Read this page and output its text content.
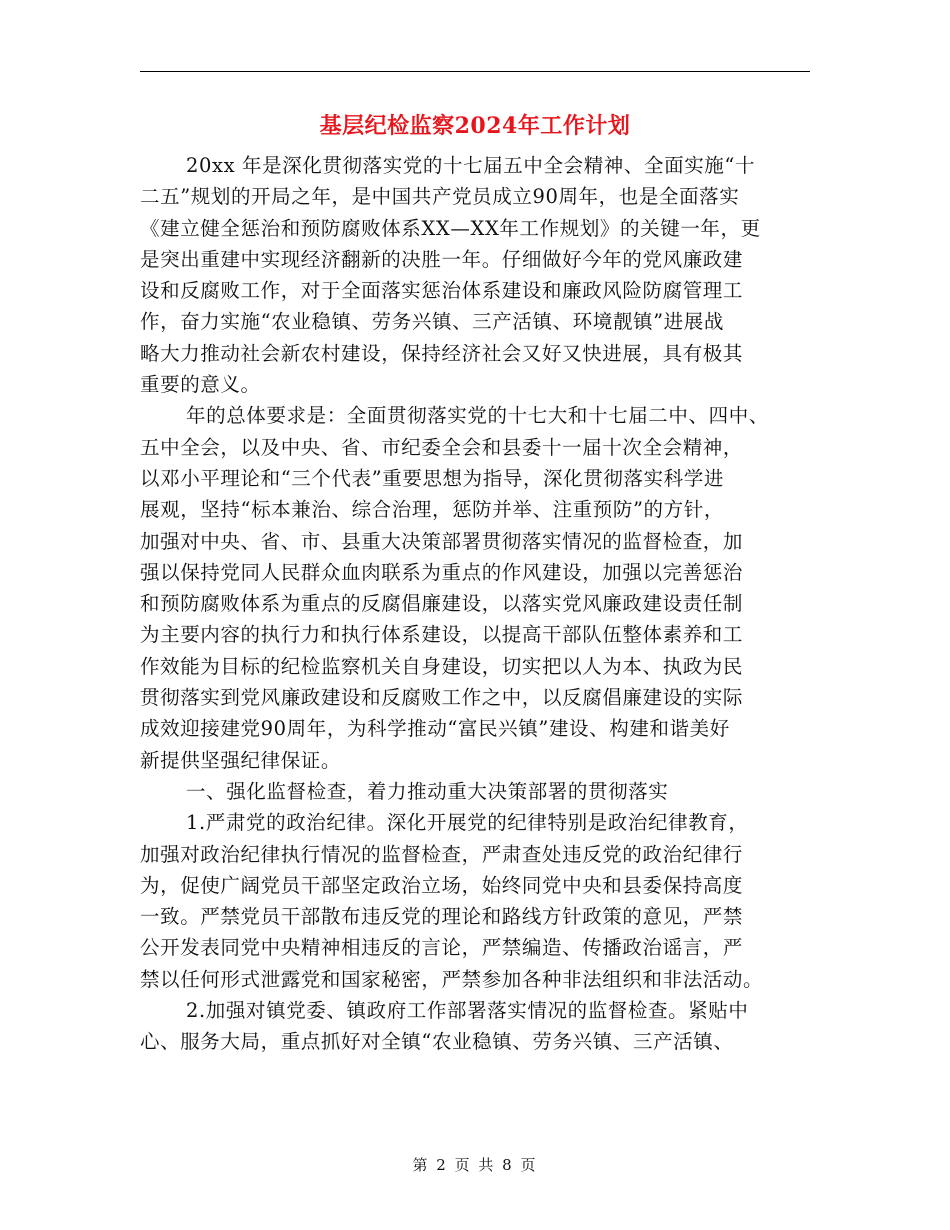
基层纪检监察2024年工作计划
20xx 年是深化贯彻落实党的十七届五中全会精神、全面实施“十
二五”规划的开局之年，是中国共产党员成立90周年，也是全面落实
《建立健全惩治和预防腐败体系XX—XX年工作规划》的关键一年，更
是突出重建中实现经济翻新的决胜一年。仔细做好今年的党风廉政建
设和反腐败工作，对于全面落实惩治体系建设和廉政风险防腐管理工
作，奋力实施“农业稳镇、劳务兴镇、三产活镇、环境靓镇”进展战
略大力推动社会新农村建设，保持经济社会又好又快进展，具有极其
重要的意义。
年的总体要求是：全面贯彻落实党的十七大和十七届二中、四中、
五中全会，以及中央、省、市纪委全会和县委十一届十次全会精神，
以邓小平理论和“三个代表”重要思想为指导，深化贯彻落实科学进
展观，坚持“标本兼治、综合治理，惩防并举、注重预防”的方针，
加强对中央、省、市、县重大决策部署贯彻落实情况的监督检查，加
强以保持党同人民群众血肉联系为重点的作风建设，加强以完善惩治
和预防腐败体系为重点的反腐倡廉建设，以落实党风廉政建设责任制
为主要内容的执行力和执行体系建设，以提高干部队伍整体素养和工
作效能为目标的纪检监察机关自身建设，切实把以人为本、执政为民
贯彻落实到党风廉政建设和反腐败工作之中，以反腐倡廉建设的实际
成效迎接建党90周年，为科学推动“富民兴镇”建设、构建和谐美好
新提供坚强纪律保证。
一、强化监督检查，着力推动重大决策部署的贯彻落实
1.严肃党的政治纪律。深化开展党的纪律特别是政治纪律教育，
加强对政治纪律执行情况的监督检查，严肃查处违反党的政治纪律行
为，促使广阔党员干部坚定政治立场，始终同党中央和县委保持高度
一致。严禁党员干部散布违反党的理论和路线方针政策的意见，严禁
公开发表同党中央精神相违反的言论，严禁编造、传播政治谣言，严
禁以任何形式泄露党和国家秘密，严禁参加各种非法组织和非法活动。
2.加强对镇党委、镇政府工作部署落实情况的监督检查。紧贴中
心、服务大局，重点抓好对全镇“农业稳镇、劳务兴镇、三产活镇、
第 2 页 共 8 页
